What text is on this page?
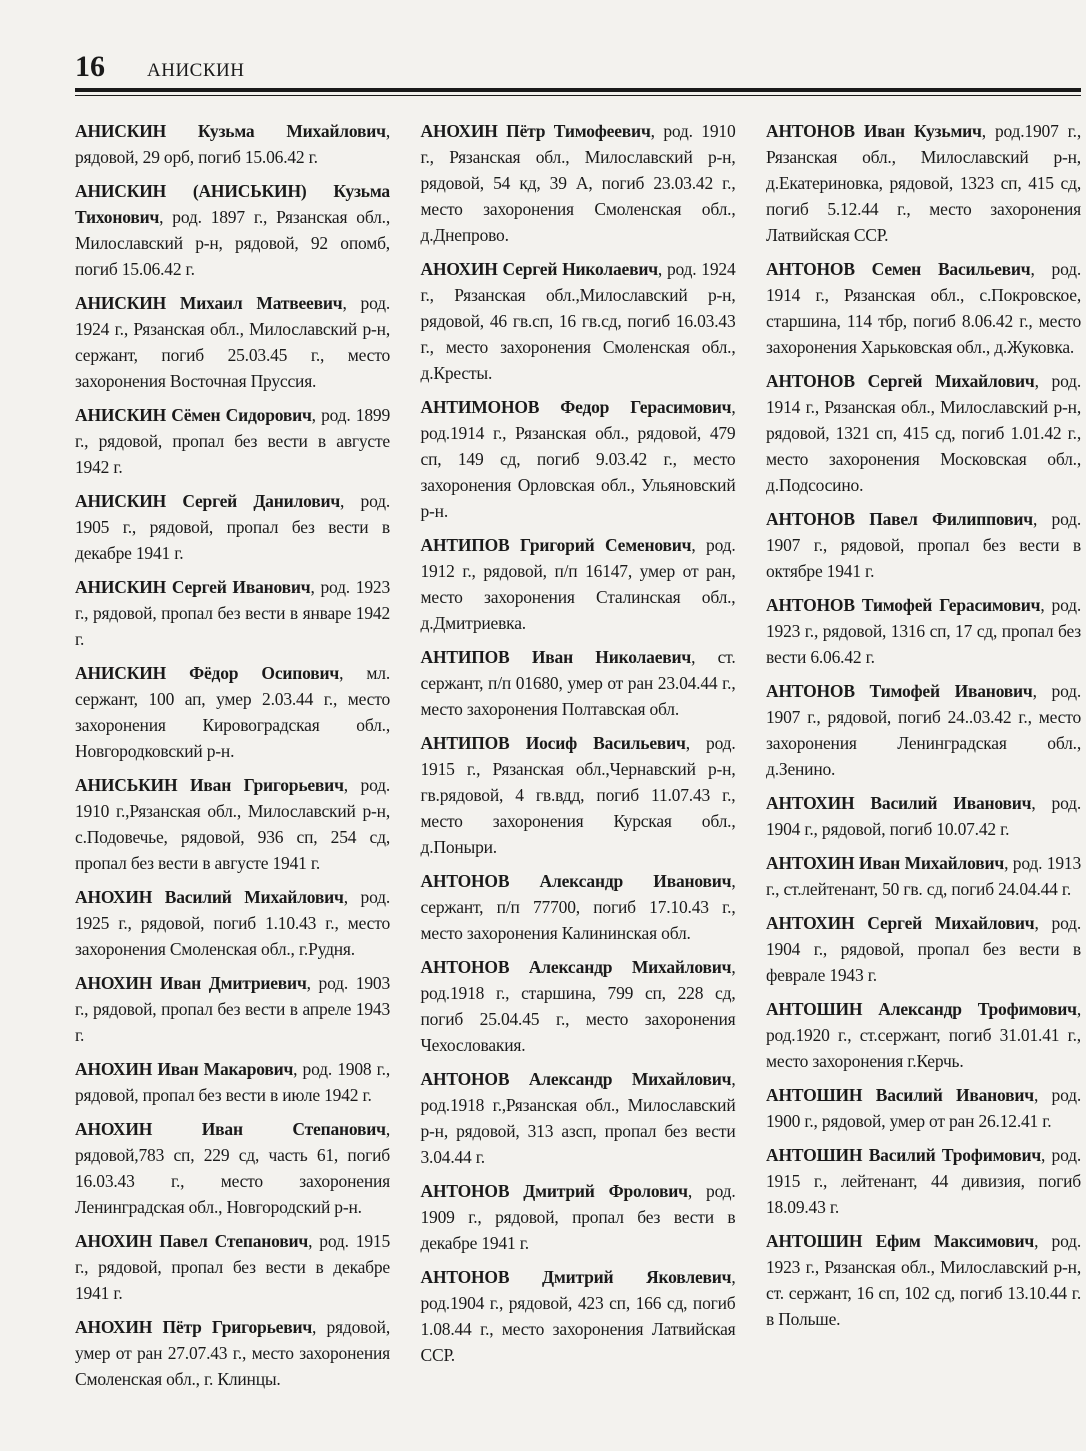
16 АНИСКИН

АНИСКИН Кузьма Михайлович, рядовой, 29 орб, погиб 15.06.42 г.

АНИСКИН (АНИСЬКИН) Кузьма Тихонович, род. 1897 г., Рязанская обл., Милославский р-н, рядовой, 92 опомб, погиб 15.06.42 г.

АНИСКИН Михаил Матвеевич, род. 1924 г., Рязанская обл., Милославский р-н, сержант, погиб 25.03.45 г., место захоронения Восточная Пруссия.

АНИСКИН Сёмен Сидорович, род. 1899 г., рядовой, пропал без вести в августе 1942 г.

АНИСКИН Сергей Данилович, род. 1905 г., рядовой, пропал без вести в декабре 1941 г.

АНИСКИН Сергей Иванович, род. 1923 г., рядовой, пропал без вести в январе 1942 г.

АНИСКИН Фёдор Осипович, мл. сержант, 100 ап, умер 2.03.44 г., место захоронения Кировоградская обл., Новгородковский р-н.

АНИСЬКИН Иван Григорьевич, род. 1910 г.,Рязанская обл., Милославский р-н, с.Подовечье, рядовой, 936 сп, 254 сд, пропал без вести в августе 1941 г.

АНОХИН Василий Михайлович, род. 1925 г., рядовой, погиб 1.10.43 г., место захоронения Смоленская обл., г.Рудня.

АНОХИН Иван Дмитриевич, род. 1903 г., рядовой, пропал без вести в апреле 1943 г.

АНОХИН Иван Макарович, род. 1908 г., рядовой, пропал без вести в июле 1942 г.

АНОХИН Иван Степанович, рядовой,783 сп, 229 сд, часть 61, погиб 16.03.43 г., место захоронения Ленинградская обл., Новгородский р-н.

АНОХИН Павел Степанович, род. 1915 г., рядовой, пропал без вести в декабре 1941 г.

АНОХИН Пётр Григорьевич, рядовой, умер от ран 27.07.43 г., место захоронения Смоленская обл., г. Клинцы.

АНОХИН Пётр Тимофеевич, род. 1910 г., Рязанская обл., Милославский р-н, рядовой, 54 кд, 39 А, погиб 23.03.42 г., место захоронения Смоленская обл., д.Днепрово.

АНОХИН Сергей Николаевич, род. 1924 г., Рязанская обл.,Милославский р-н, рядовой, 46 гв.сп, 16 гв.сд, погиб 16.03.43 г., место захоронения Смоленская обл., д.Кресты.

АНТИМОНОВ Федор Герасимович, род.1914 г., Рязанская обл., рядовой, 479 сп, 149 сд, погиб 9.03.42 г., место захоронения Орловская обл., Ульяновский р-н.

АНТИПОВ Григорий Семенович, род. 1912 г., рядовой, п/п 16147, умер от ран, место захоронения Сталинская обл., д.Дмитриевка.

АНТИПОВ Иван Николаевич, ст. сержант, п/п 01680, умер от ран 23.04.44 г., место захоронения Полтавская обл.

АНТИПОВ Иосиф Васильевич, род. 1915 г., Рязанская обл.,Чернавский р-н, гв.рядовой, 4 гв.вдд, погиб 11.07.43 г., место захоронения Курская обл., д.Поныри.

АНТОНОВ Александр Иванович, сержант, п/п 77700, погиб 17.10.43 г., место захоронения Калининская обл.

АНТОНОВ Александр Михайлович, род.1918 г., старшина, 799 сп, 228 сд, погиб 25.04.45 г., место захоронения Чехословакия.

АНТОНОВ Александр Михайлович, род.1918 г.,Рязанская обл., Милославский р-н, рядовой, 313 азсп, пропал без вести 3.04.44 г.

АНТОНОВ Дмитрий Фролович, род. 1909 г., рядовой, пропал без вести в декабре 1941 г.

АНТОНОВ Дмитрий Яковлевич, род.1904 г., рядовой, 423 сп, 166 сд, погиб 1.08.44 г., место захоронения Латвийская ССР.

АНТОНОВ Иван Кузьмич, род.1907 г., Рязанская обл., Милославский р-н, д.Екатериновка, рядовой, 1323 сп, 415 сд, погиб 5.12.44 г., место захоронения Латвийская ССР.

АНТОНОВ Семен Васильевич, род. 1914 г., Рязанская обл., с.Покровское, старшина, 114 тбр, погиб 8.06.42 г., место захоронения Харьковская обл., д.Жуковка.

АНТОНОВ Сергей Михайлович, род. 1914 г., Рязанская обл., Милославский р-н, рядовой, 1321 сп, 415 сд, погиб 1.01.42 г., место захоронения Московская обл., д.Подсосино.

АНТОНОВ Павел Филиппович, род. 1907 г., рядовой, пропал без вести в октябре 1941 г.

АНТОНОВ Тимофей Герасимович, род. 1923 г., рядовой, 1316 сп, 17 сд, пропал без вести 6.06.42 г.

АНТОНОВ Тимофей Иванович, род. 1907 г., рядовой, погиб 24..03.42 г., место захоронения Ленинградская обл., д.Зенино.

АНТОХИН Василий Иванович, род. 1904 г., рядовой, погиб 10.07.42 г.

АНТОХИН Иван Михайлович, род. 1913 г., ст.лейтенант, 50 гв. сд, погиб 24.04.44 г.

АНТОХИН Сергей Михайлович, род. 1904 г., рядовой, пропал без вести в феврале 1943 г.

АНТОШИН Александр Трофимович, род.1920 г., ст.сержант, погиб 31.01.41 г., место захоронения г.Керчь.

АНТОШИН Василий Иванович, род. 1900 г., рядовой, умер от ран 26.12.41 г.

АНТОШИН Василий Трофимович, род. 1915 г., лейтенант, 44 дивизия, погиб 18.09.43 г.

АНТОШИН Ефим Максимович, род. 1923 г., Рязанская обл., Милославский р-н, ст. сержант, 16 сп, 102 сд, погиб 13.10.44 г. в Польше.
